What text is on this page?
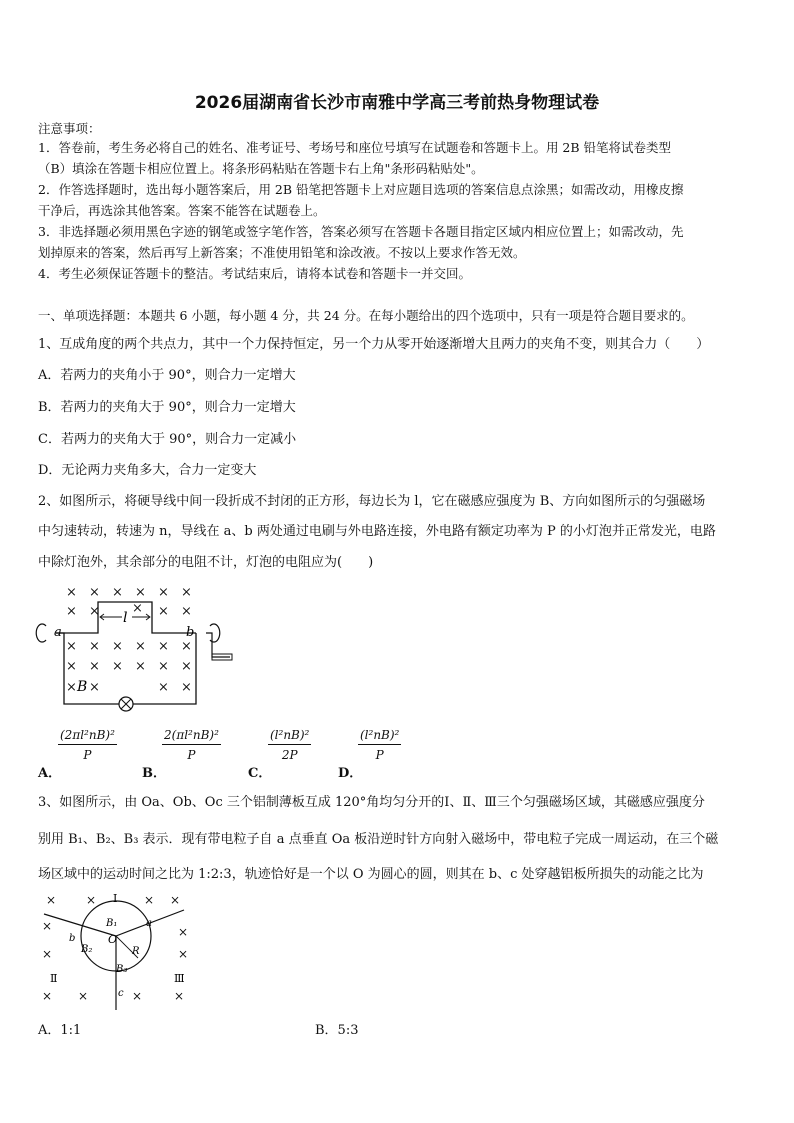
2026届湖南省长沙市南雅中学高三考前热身物理试卷
注意事项：
1．答卷前，考生务必将自己的姓名、准考证号、考场号和座位号填写在试题卷和答题卡上。用 2B 铅笔将试卷类型
（B）填涂在答题卡相应位置上。将条形码粘贴在答题卡右上角"条形码粘贴处"。
2．作答选择题时，选出每小题答案后，用 2B 铅笔把答题卡上对应题目选项的答案信息点涂黑；如需改动，用橡皮擦
干净后，再选涂其他答案。答案不能答在试题卷上。
3．非选择题必须用黑色字迹的钢笔或签字笔作答，答案必须写在答题卡各题目指定区域内相应位置上；如需改动，先
划掉原来的答案，然后再写上新答案；不准使用铅笔和涂改液。不按以上要求作答无效。
4．考生必须保证答题卡的整洁。考试结束后，请将本试卷和答题卡一并交回。
一、单项选择题：本题共 6 小题，每小题 4 分，共 24 分。在每小题给出的四个选项中，只有一项是符合题目要求的。
1、互成角度的两个共点力，其中一个力保持恒定，另一个力从零开始逐渐增大且两力的夹角不变，则其合力（　　）
A．若两力的夹角小于 90°，则合力一定增大
B．若两力的夹角大于 90°，则合力一定增大
C．若两力的夹角大于 90°，则合力一定减小
D．无论两力夹角多大，合力一定变大
2、如图所示，将硬导线中间一段折成不封闭的正方形，每边长为 l，它在磁感应强度为 B、方向如图所示的匀强磁场
中匀速转动，转速为 n，导线在 a、b 两处通过电刷与外电路连接，外电路有额定功率为 P 的小灯泡并正常发光，电路
中除灯泡外，其余部分的电阻不计，灯泡的电阻应为(　　)
× × × × × ×
× ×	× ×
× × × × × ×
× × × × × ×
× ×	× ×
×
l
a	b
B
A．
$\frac{\text{(2πl²nB)²}}{P}$
B．
$\frac{\text{2(πl²nB)²}}{P}$
C．
$\frac{\text{(l²nB)²}}{2P}$
D．
$\frac{\text{(l²nB)²}}{P}$
3、如图所示，由 Oa、Ob、Oc 三个铝制薄板互成 120°角均匀分开的Ⅰ、Ⅱ、Ⅲ三个匀强磁场区域，其磁感应强度分
别用 B₁、B₂、B₃ 表示．现有带电粒子自 a 点垂直 Oa 板沿逆时针方向射入磁场中，带电粒子完成一周运动，在三个磁
场区域中的运动时间之比为 1:2:3，轨迹恰好是一个以 O 为圆心的圆，则其在 b、c 处穿越铝板所损失的动能之比为
× ×	× ×
×
×
× ×	×	×
×
×
Ⅰ
Ⅱ	Ⅲ
B₁
B₂
B₃
a
b
c
O
R
A．1:1	B．5:3
